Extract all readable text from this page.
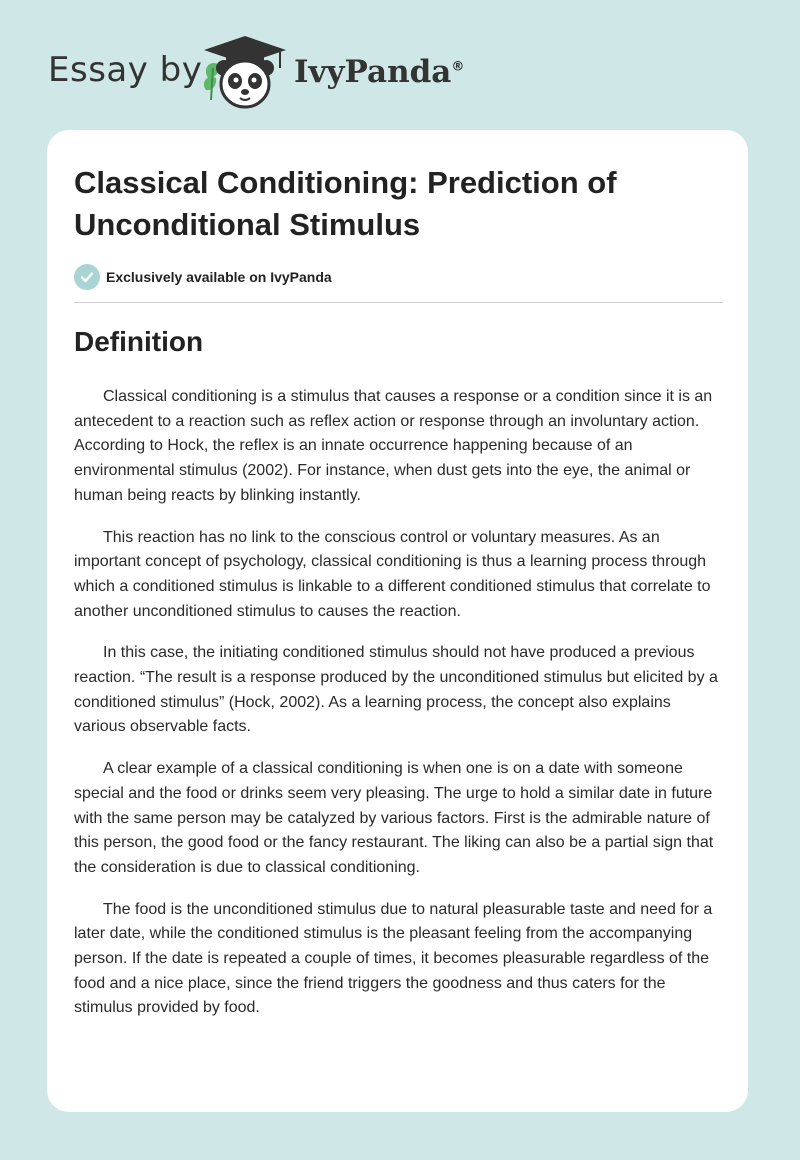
Essay by	IvyPanda®
Classical Conditioning: Prediction of Unconditional Stimulus
Exclusively available on IvyPanda
Definition

Classical conditioning is a stimulus that causes a response or a condition since it is an antecedent to a reaction such as reflex action or response through an involuntary action. According to Hock, the reflex is an innate occurrence happening because of an environmental stimulus (2002). For instance, when dust gets into the eye, the animal or human being reacts by blinking instantly.

This reaction has no link to the conscious control or voluntary measures. As an important concept of psychology, classical conditioning is thus a learning process through which a conditioned stimulus is linkable to a different conditioned stimulus that correlate to another unconditioned stimulus to causes the reaction.

In this case, the initiating conditioned stimulus should not have produced a previous reaction. “The result is a response produced by the unconditioned stimulus but elicited by a conditioned stimulus” (Hock, 2002). As a learning process, the concept also explains various observable facts.

A clear example of a classical conditioning is when one is on a date with someone special and the food or drinks seem very pleasing. The urge to hold a similar date in future with the same person may be catalyzed by various factors. First is the admirable nature of this person, the good food or the fancy restaurant. The liking can also be a partial sign that the consideration is due to classical conditioning.

The food is the unconditioned stimulus due to natural pleasurable taste and need for a later date, while the conditioned stimulus is the pleasant feeling from the accompanying person. If the date is repeated a couple of times, it becomes pleasurable regardless of the food and a nice place, since the friend triggers the goodness and thus caters for the stimulus provided by food.
